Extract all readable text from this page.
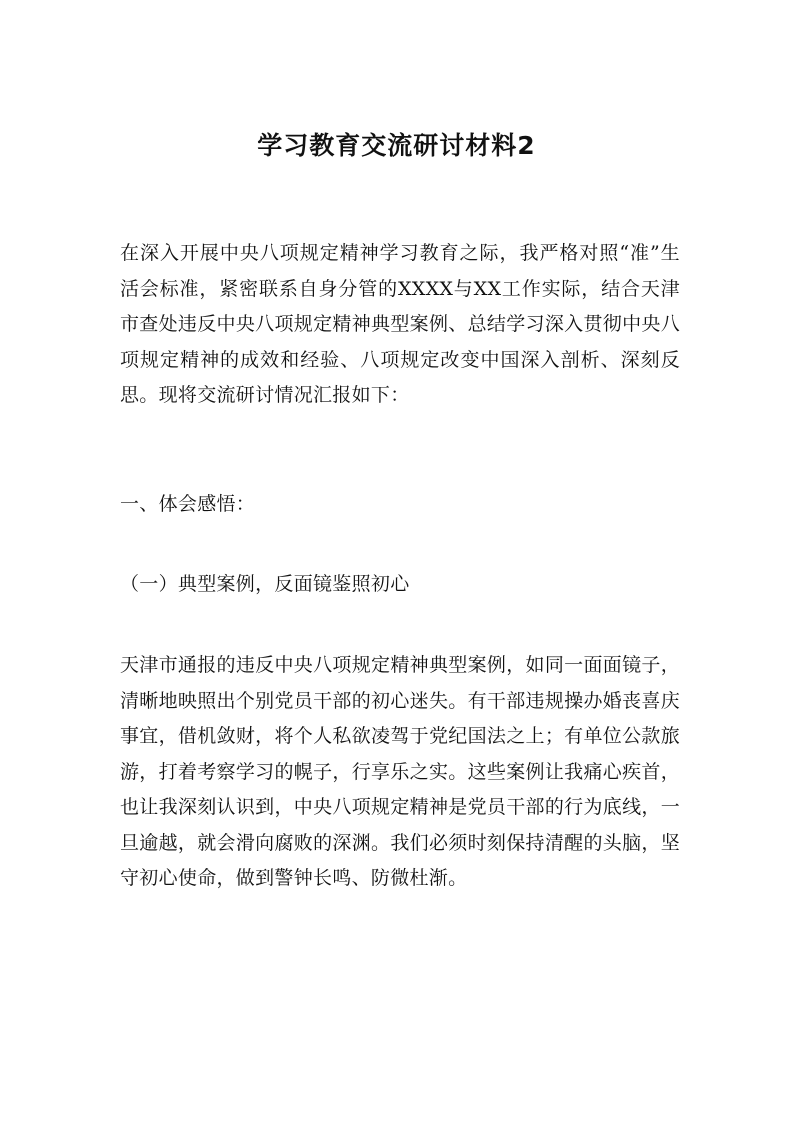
学习教育交流研讨材料2

在深入开展中央八项规定精神学习教育之际，我严格对照“准”生活会标准，紧密联系自身分管的XXXX与XX工作实际，结合天津市查处违反中央八项规定精神典型案例、总结学习深入贯彻中央八项规定精神的成效和经验、八项规定改变中国深入剖析、深刻反思。现将交流研讨情况汇报如下：

一、体会感悟：

（一）典型案例，反面镜鉴照初心

天津市通报的违反中央八项规定精神典型案例，如同一面面镜子，清晰地映照出个别党员干部的初心迷失。有干部违规操办婚丧喜庆事宜，借机敛财，将个人私欲凌驾于党纪国法之上；有单位公款旅游，打着考察学习的幌子，行享乐之实。这些案例让我痛心疾首，也让我深刻认识到，中央八项规定精神是党员干部的行为底线，一旦逾越，就会滑向腐败的深渊。我们必须时刻保持清醒的头脑，坚守初心使命，做到警钟长鸣、防微杜渐。
